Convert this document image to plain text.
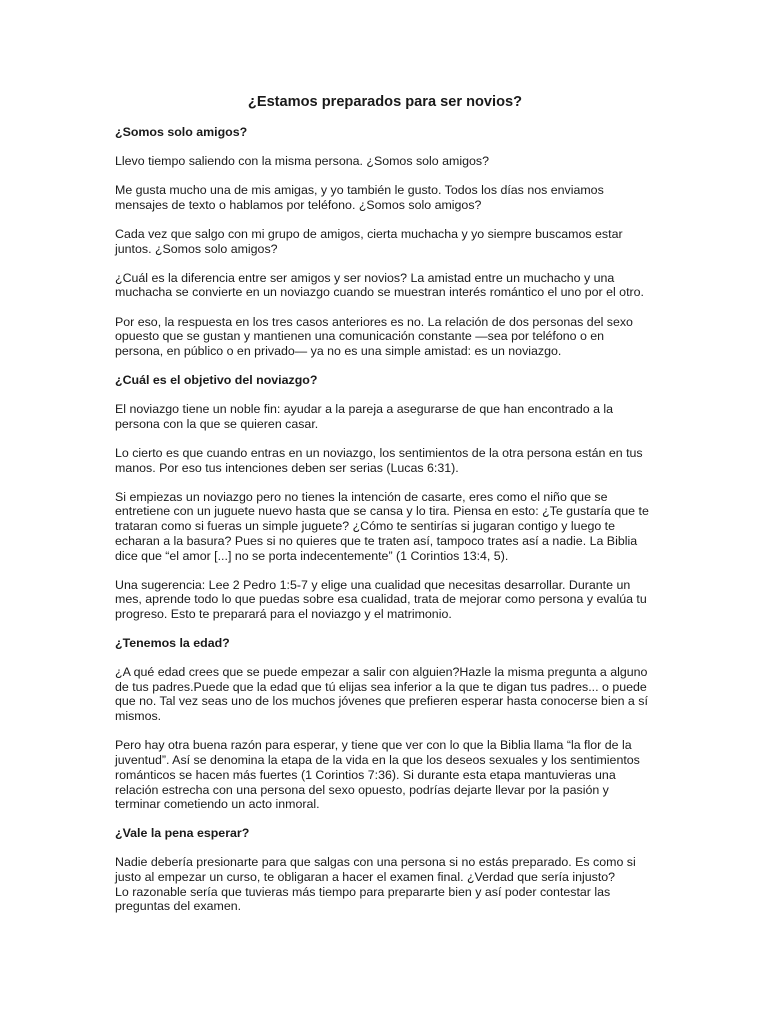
¿Estamos preparados para ser novios?
¿Somos solo amigos?
Llevo tiempo saliendo con la misma persona. ¿Somos solo amigos?
Me gusta mucho una de mis amigas, y yo también le gusto. Todos los días nos enviamos
mensajes de texto o hablamos por teléfono. ¿Somos solo amigos?
Cada vez que salgo con mi grupo de amigos, cierta muchacha y yo siempre buscamos estar
juntos. ¿Somos solo amigos?
¿Cuál es la diferencia entre ser amigos y ser novios? La amistad entre un muchacho y una
muchacha se convierte en un noviazgo cuando se muestran interés romántico el uno por el otro.
Por eso, la respuesta en los tres casos anteriores es no. La relación de dos personas del sexo
opuesto que se gustan y mantienen una comunicación constante —sea por teléfono o en
persona, en público o en privado— ya no es una simple amistad: es un noviazgo.
¿Cuál es el objetivo del noviazgo?
El noviazgo tiene un noble fin: ayudar a la pareja a asegurarse de que han encontrado a la
persona con la que se quieren casar.
Lo cierto es que cuando entras en un noviazgo, los sentimientos de la otra persona están en tus
manos. Por eso tus intenciones deben ser serias (Lucas 6:31).
Si empiezas un noviazgo pero no tienes la intención de casarte, eres como el niño que se
entretiene con un juguete nuevo hasta que se cansa y lo tira. Piensa en esto: ¿Te gustaría que te
trataran como si fueras un simple juguete? ¿Cómo te sentirías si jugaran contigo y luego te
echaran a la basura? Pues si no quieres que te traten así, tampoco trates así a nadie. La Biblia
dice que “el amor [...] no se porta indecentemente” (1 Corintios 13:4, 5).
Una sugerencia: Lee 2 Pedro 1:5-7 y elige una cualidad que necesitas desarrollar. Durante un
mes, aprende todo lo que puedas sobre esa cualidad, trata de mejorar como persona y evalúa tu
progreso. Esto te preparará para el noviazgo y el matrimonio.
¿Tenemos la edad?
¿A qué edad crees que se puede empezar a salir con alguien?Hazle la misma pregunta a alguno
de tus padres.Puede que la edad que tú elijas sea inferior a la que te digan tus padres... o puede
que no. Tal vez seas uno de los muchos jóvenes que prefieren esperar hasta conocerse bien a sí
mismos.
Pero hay otra buena razón para esperar, y tiene que ver con lo que la Biblia llama “la flor de la
juventud”. Así se denomina la etapa de la vida en la que los deseos sexuales y los sentimientos
románticos se hacen más fuertes (1 Corintios 7:36). Si durante esta etapa mantuvieras una
relación estrecha con una persona del sexo opuesto, podrías dejarte llevar por la pasión y
terminar cometiendo un acto inmoral.
¿Vale la pena esperar?
Nadie debería presionarte para que salgas con una persona si no estás preparado. Es como si
justo al empezar un curso, te obligaran a hacer el examen final. ¿Verdad que sería injusto?
Lo razonable sería que tuvieras más tiempo para prepararte bien y así poder contestar las
preguntas del examen.
